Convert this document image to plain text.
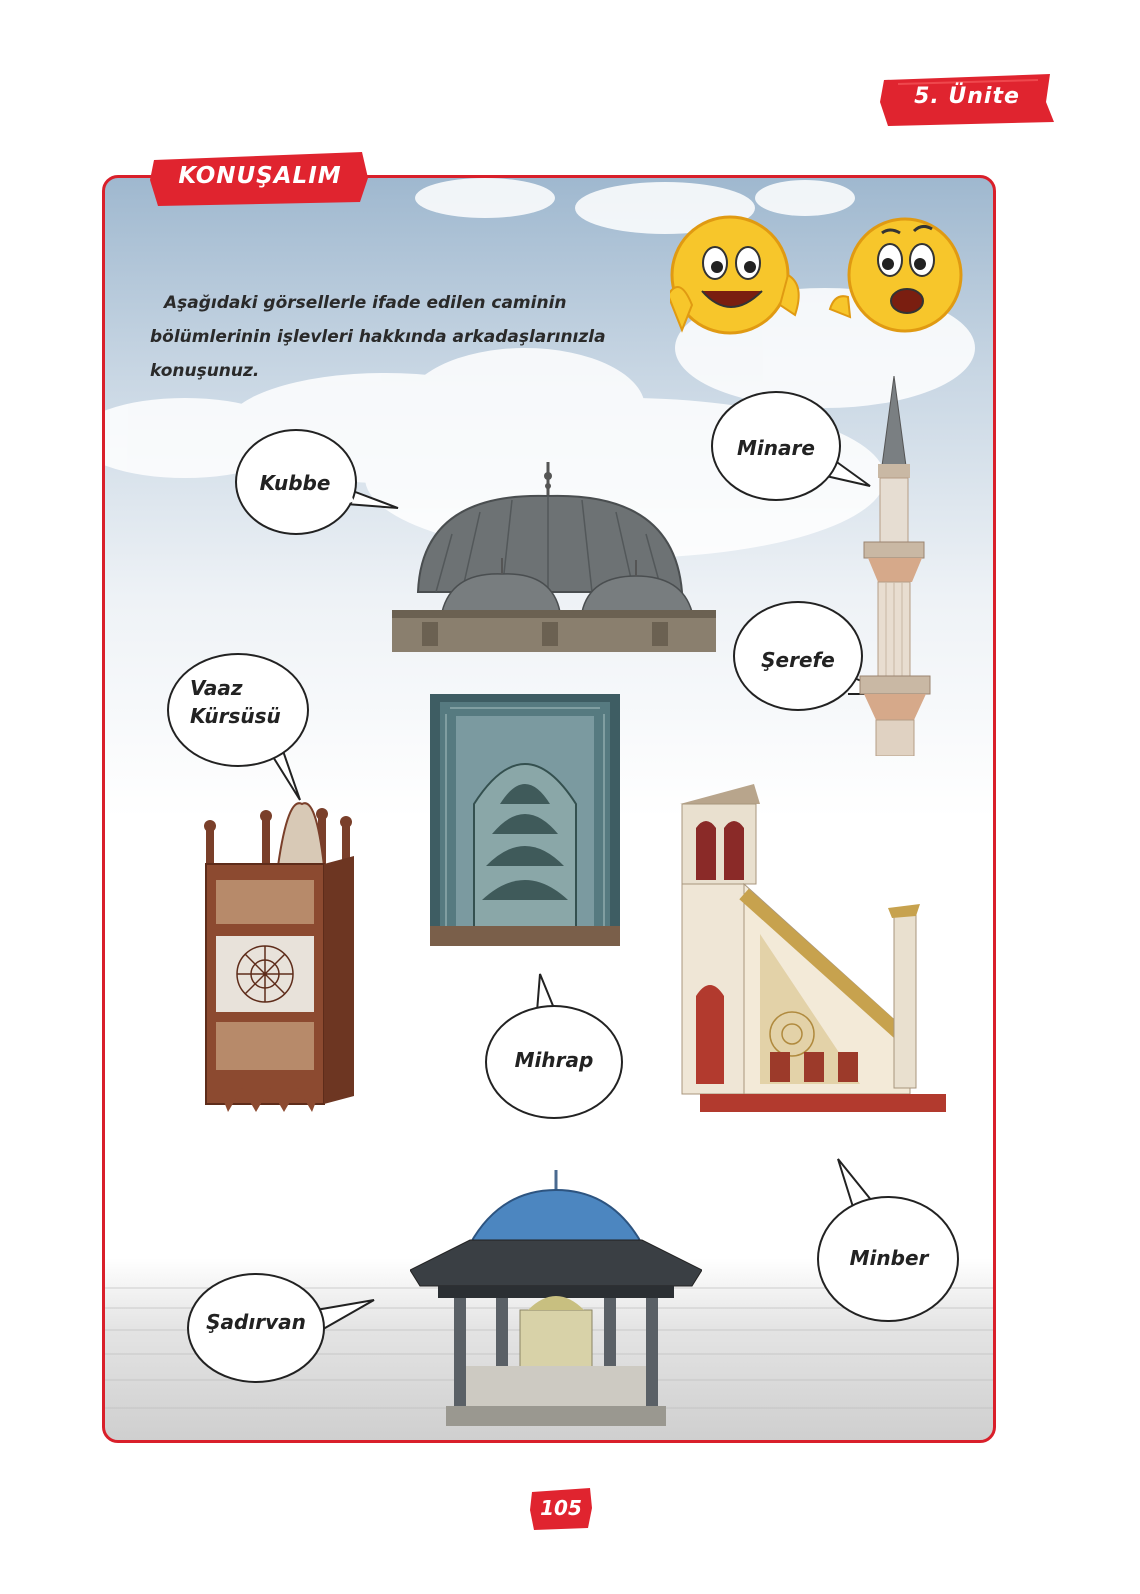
5. Ünite
KONUŞALIM

Aşağıdaki görsellerle ifade edilen caminin bölümlerinin işlevleri hakkında arkadaşlarınızla konuşunuz.

Kubbe
Minare
Şerefe
Vaaz
Kürsüsü
Mihrap
Minber
Şadırvan
105
